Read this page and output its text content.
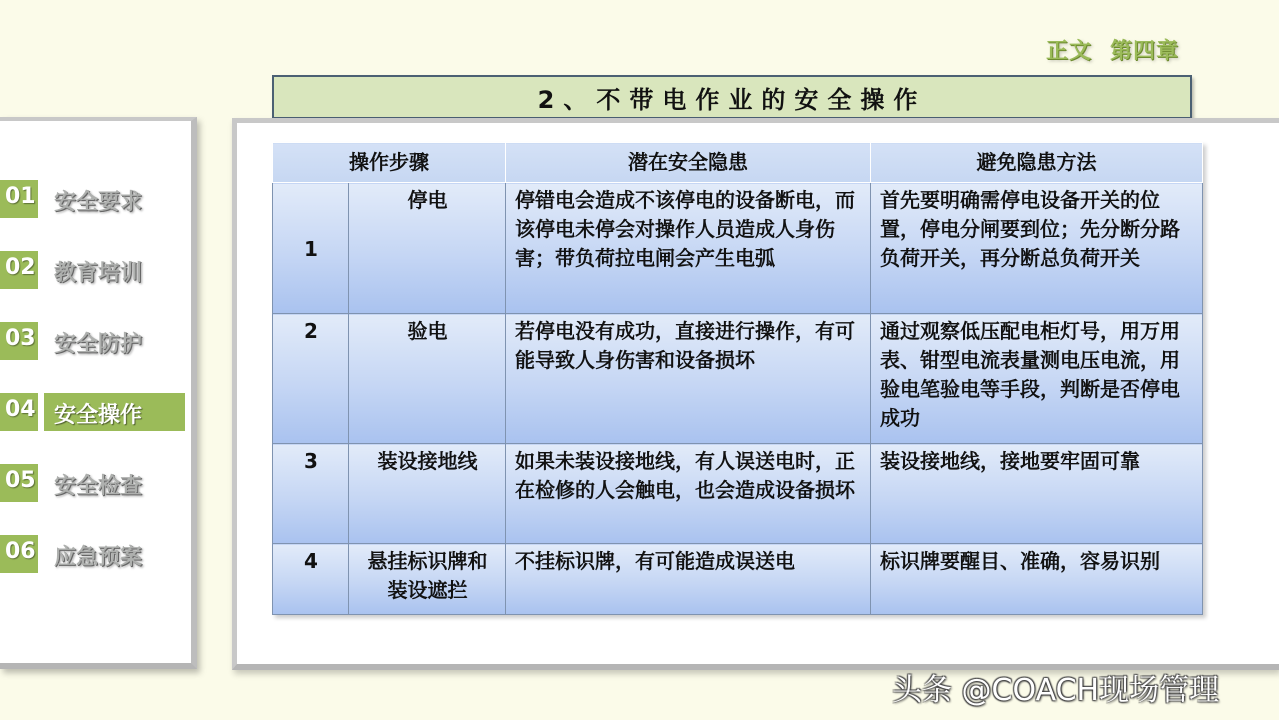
正文 第四章
2、不带电作业的安全操作
01 安全要求
02 教育培训
03 安全防护
04 安全操作
05 安全检查
06 应急预案
操作步骤		潜在安全隐患	避免隐患方法
1	停电	停错电会造成不该停电的设备断电，而该停电未停会对操作人员造成人身伤害；带负荷拉电闸会产生电弧	首先要明确需停电设备开关的位置，停电分闸要到位；先分断分路负荷开关，再分断总负荷开关
2	验电	若停电没有成功，直接进行操作，有可能导致人身伤害和设备损坏	通过观察低压配电柜灯号，用万用表、钳型电流表量测电压电流，用验电笔验电等手段，判断是否停电成功
3	装设接地线	如果未装设接地线，有人误送电时，正在检修的人会触电，也会造成设备损坏	装设接地线，接地要牢固可靠
4	悬挂标识牌和装设遮拦	不挂标识牌，有可能造成误送电	标识牌要醒目、准确，容易识别
头条 @COACH现场管理
